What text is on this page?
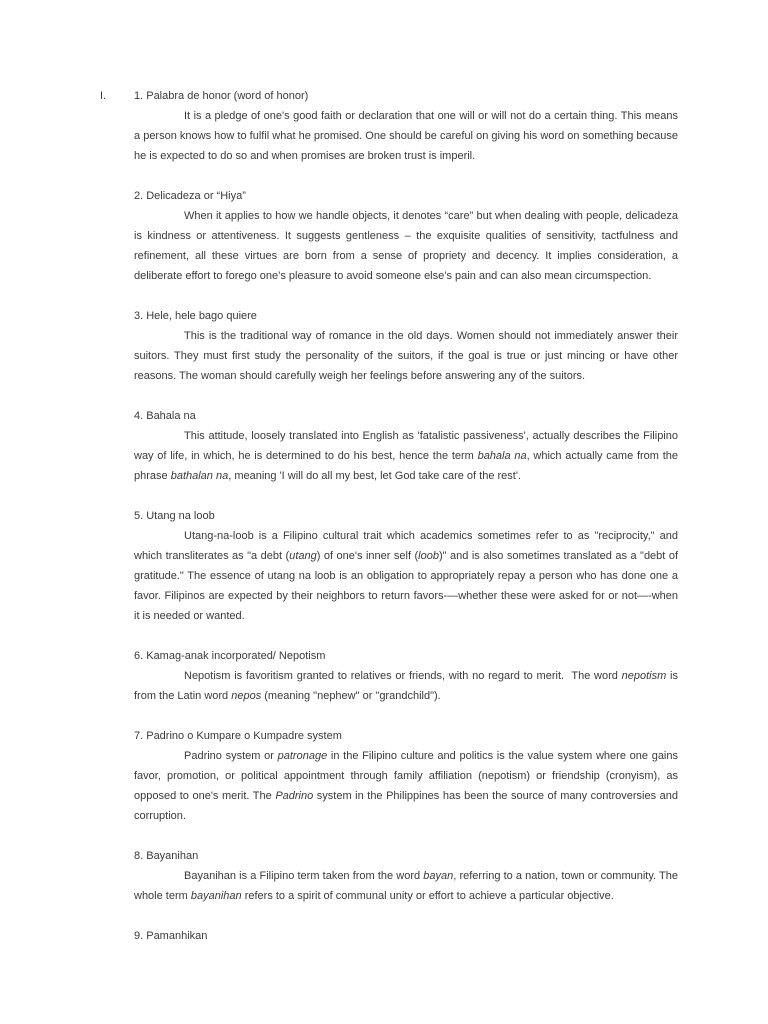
I.	1. Palabra de honor (word of honor)
It is a pledge of one's good faith or declaration that one will or will not do a certain thing. This means a person knows how to fulfil what he promised. One should be careful on giving his word on something because he is expected to do so and when promises are broken trust is imperil.
2. Delicadeza or “Hiya”
When it applies to how we handle objects, it denotes “care” but when dealing with people, delicadeza is kindness or attentiveness. It suggests gentleness – the exquisite qualities of sensitivity, tactfulness and refinement, all these virtues are born from a sense of propriety and decency. It implies consideration, a deliberate effort to forego one’s pleasure to avoid someone else’s pain and can also mean circumspection.
3. Hele, hele bago quiere
This is the traditional way of romance in the old days. Women should not immediately answer their suitors. They must first study the personality of the suitors, if the goal is true or just mincing or have other reasons. The woman should carefully weigh her feelings before answering any of the suitors.
4. Bahala na
This attitude, loosely translated into English as 'fatalistic passiveness', actually describes the Filipino way of life, in which, he is determined to do his best, hence the term bahala na, which actually came from the phrase bathalan na, meaning 'I will do all my best, let God take care of the rest'.
5. Utang na loob
Utang-na-loob is a Filipino cultural trait which academics sometimes refer to as "reciprocity," and which transliterates as "a debt (utang) of one's inner self (loob)" and is also sometimes translated as a "debt of gratitude." The essence of utang na loob is an obligation to appropriately repay a person who has done one a favor. Filipinos are expected by their neighbors to return favors-—whether these were asked for or not—-when it is needed or wanted.
6. Kamag-anak incorporated/ Nepotism
Nepotism is favoritism granted to relatives or friends, with no regard to merit.  The word nepotism is from the Latin word nepos (meaning "nephew" or "grandchild").
7. Padrino o Kumpare o Kumpadre system
Padrino system or patronage in the Filipino culture and politics is the value system where one gains favor, promotion, or political appointment through family affiliation (nepotism) or friendship (cronyism), as opposed to one's merit. The Padrino system in the Philippines has been the source of many controversies and corruption.
8. Bayanihan
Bayanihan is a Filipino term taken from the word bayan, referring to a nation, town or community. The whole term bayanihan refers to a spirit of communal unity or effort to achieve a particular objective.
9. Pamanhikan
